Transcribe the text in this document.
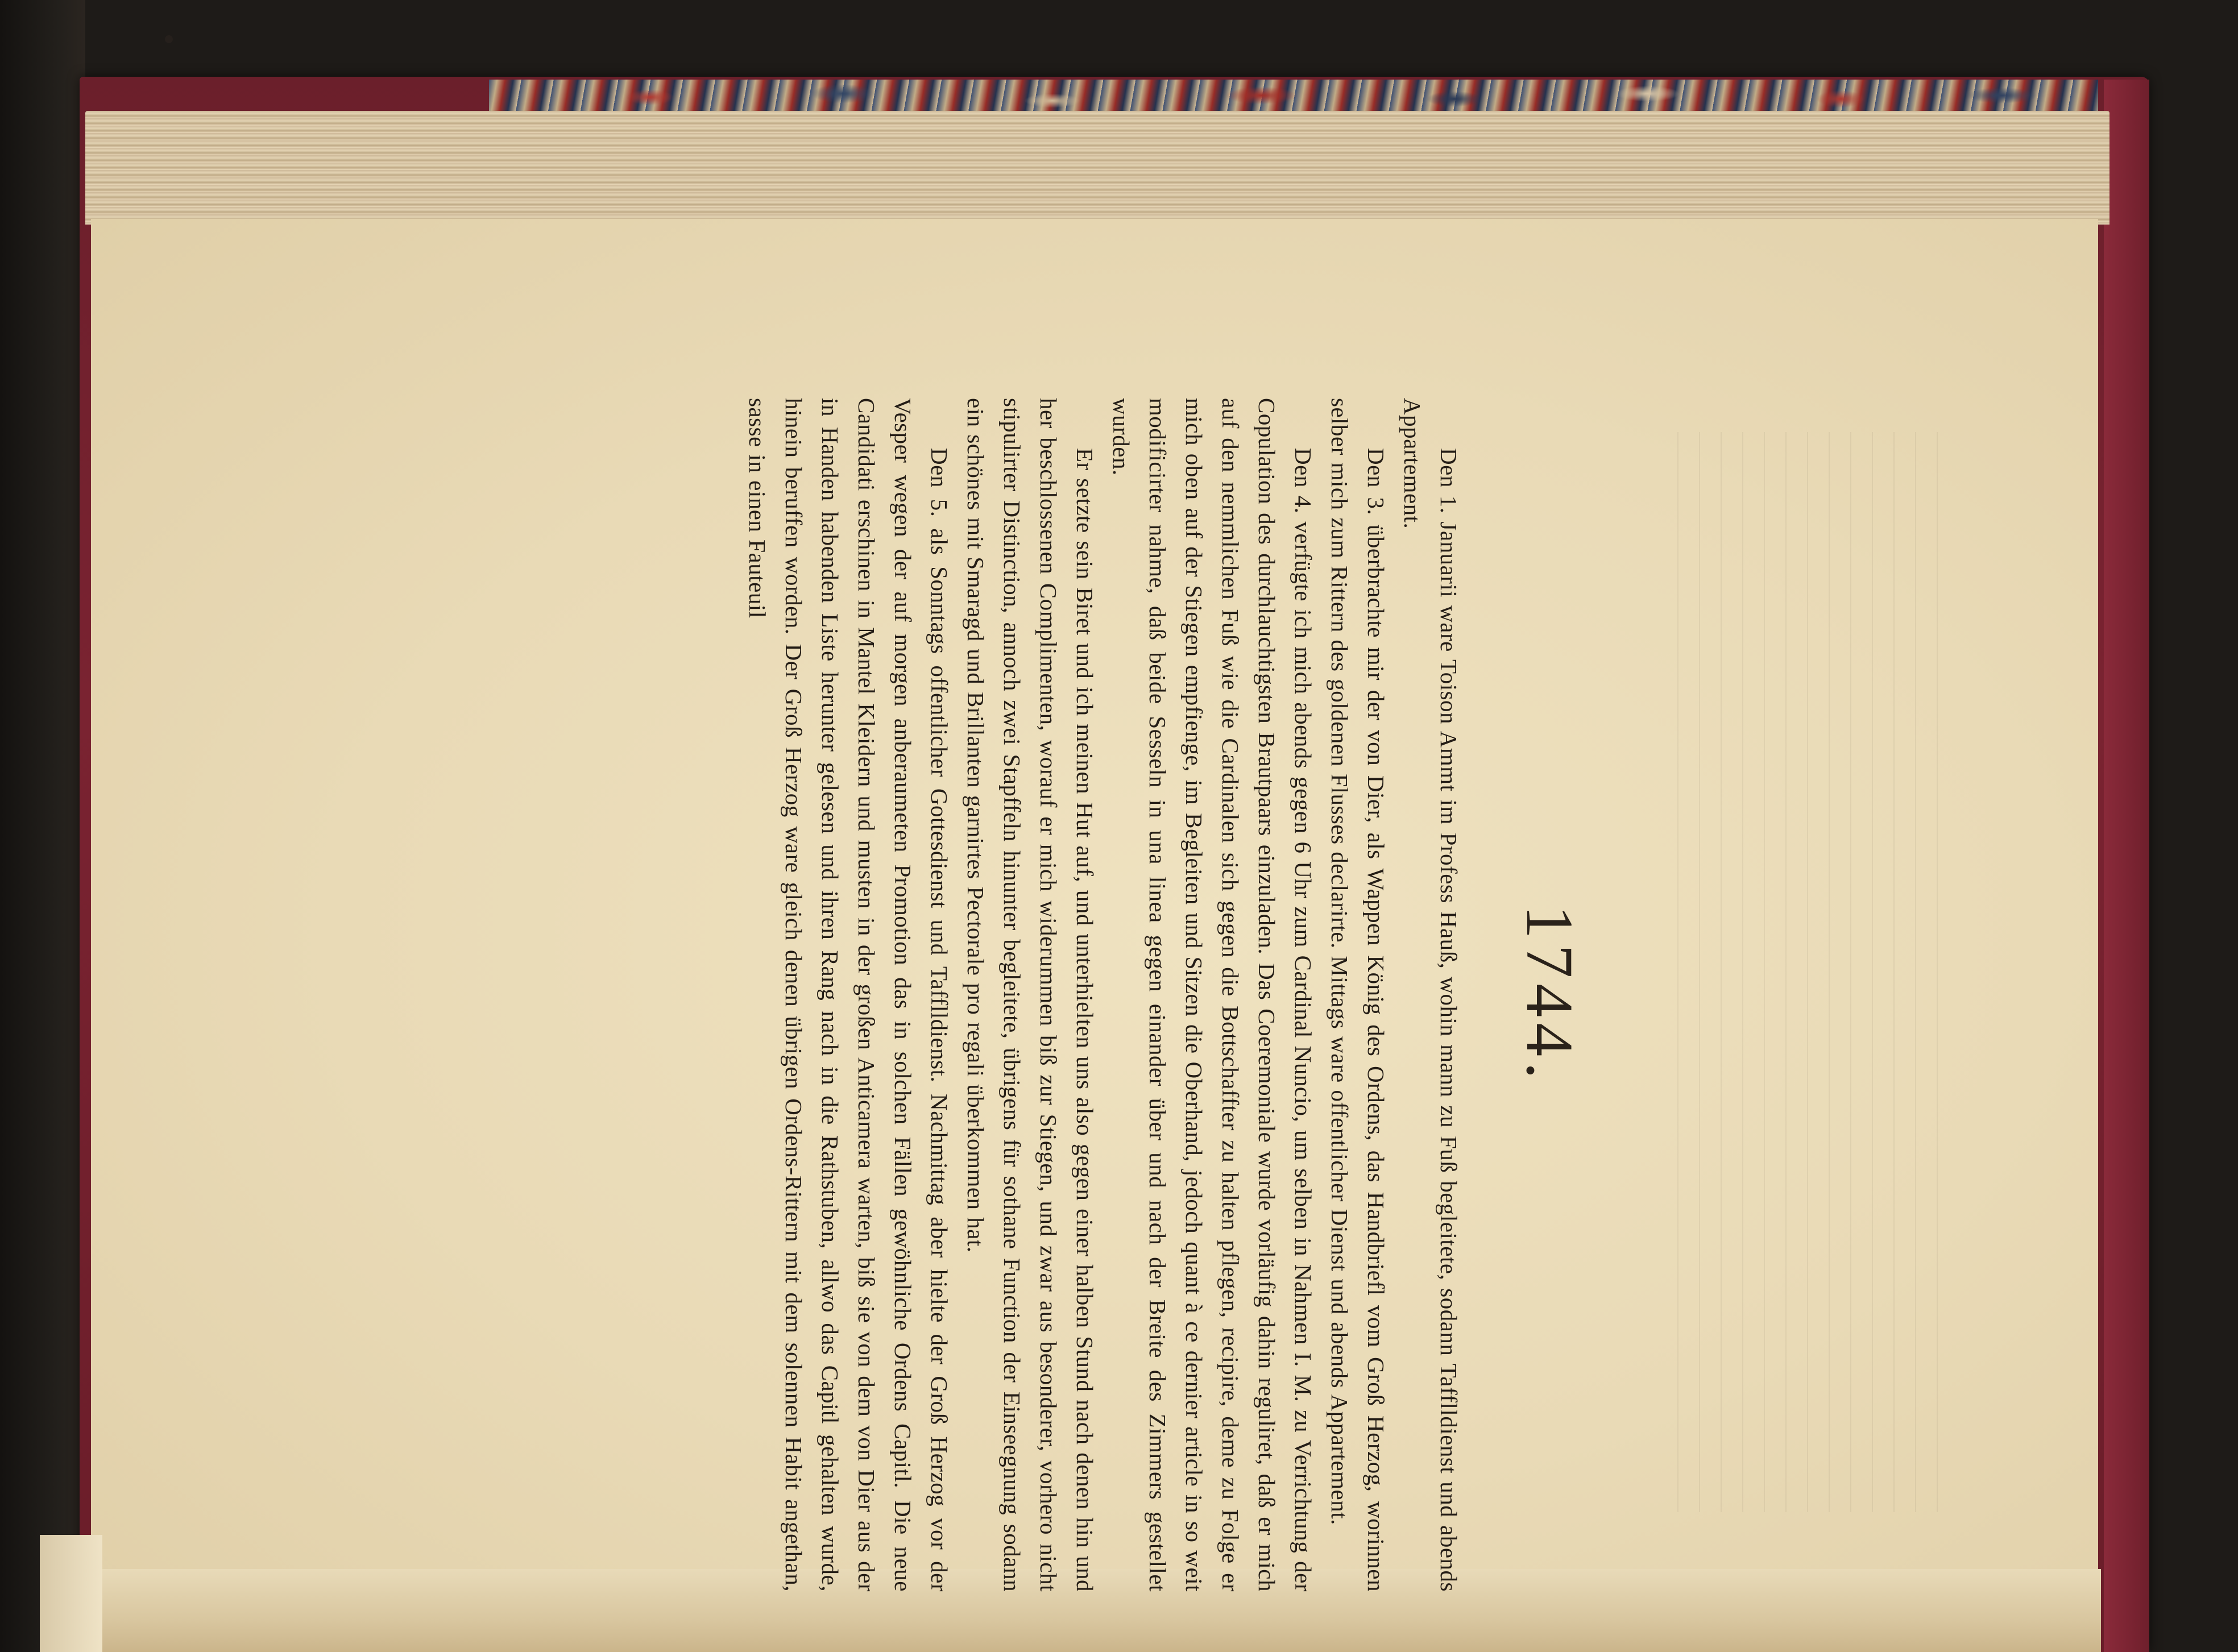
1744.

Den 1. Januarii ware Toison Ammt im Profess Hauß, wohin mann zu Fuß begleitete, sodann Tafflldienst und abends Appartement.

Den 3. überbrachte mir der von Dier, als Wappen König des Ordens, das Handbriefl vom Groß Herzog, worinnen selber mich zum Rittern des goldenen Flusses declarirte. Mittags ware offentlicher Dienst und abends Appartement.

Den 4. verfügte ich mich abends gegen 6 Uhr zum Cardinal Nuncio, um selben in Nahmen I. M. zu Verrichtung der Copulation des durchlauchtigsten Brautpaars einzuladen. Das Coeremoniale wurde vorläufig dahin reguliret, daß er mich auf den nemmlichen Fuß wie die Cardinalen sich gegen die Bottschaffter zu halten pflegen, recipire, deme zu Folge er mich oben auf der Stiegen empfienge, im Begleiten und Sitzen die Oberhand, jedoch quant à ce dernier article in so weit modificirter nahme, daß beide Sesseln in una linea gegen einander über und nach der Breite des Zimmers gestellet wurden.

Er setzte sein Biret und ich meinen Hut auf, und unterhielten uns also gegen einer halben Stund nach denen hin und her beschlossenen Complimenten, worauf er mich widerummen biß zur Stiegen, und zwar aus besonderer, vorhero nicht stipulirter Distinction, annoch zwei Stapffeln hinunter begleitete, übrigens für sothane Function der Einseegnung sodann ein schönes mit Smaragd und Brillanten garnirtes Pectorale pro regali überkommen hat.

Den 5. als Sonntags offentlicher Gottesdienst und Tafflldienst. Nachmittag aber hielte der Groß Herzog vor der Vesper wegen der auf morgen anberaumeten Promotion das in solchen Fällen gewöhnliche Ordens Capitl. Die neue Candidati erschinen in Mantel Kleidern und musten in der großen Anticamera warten, biß sie von dem von Dier aus der in Handen habenden Liste herunter gelesen und ihren Rang nach in die Rathstuben, allwo das Capitl gehalten wurde, hinein beruffen worden. Der Groß Herzog ware gleich denen übrigen Ordens-Rittern mit dem solennen Habit angethan, sasse in einen Fauteuil
